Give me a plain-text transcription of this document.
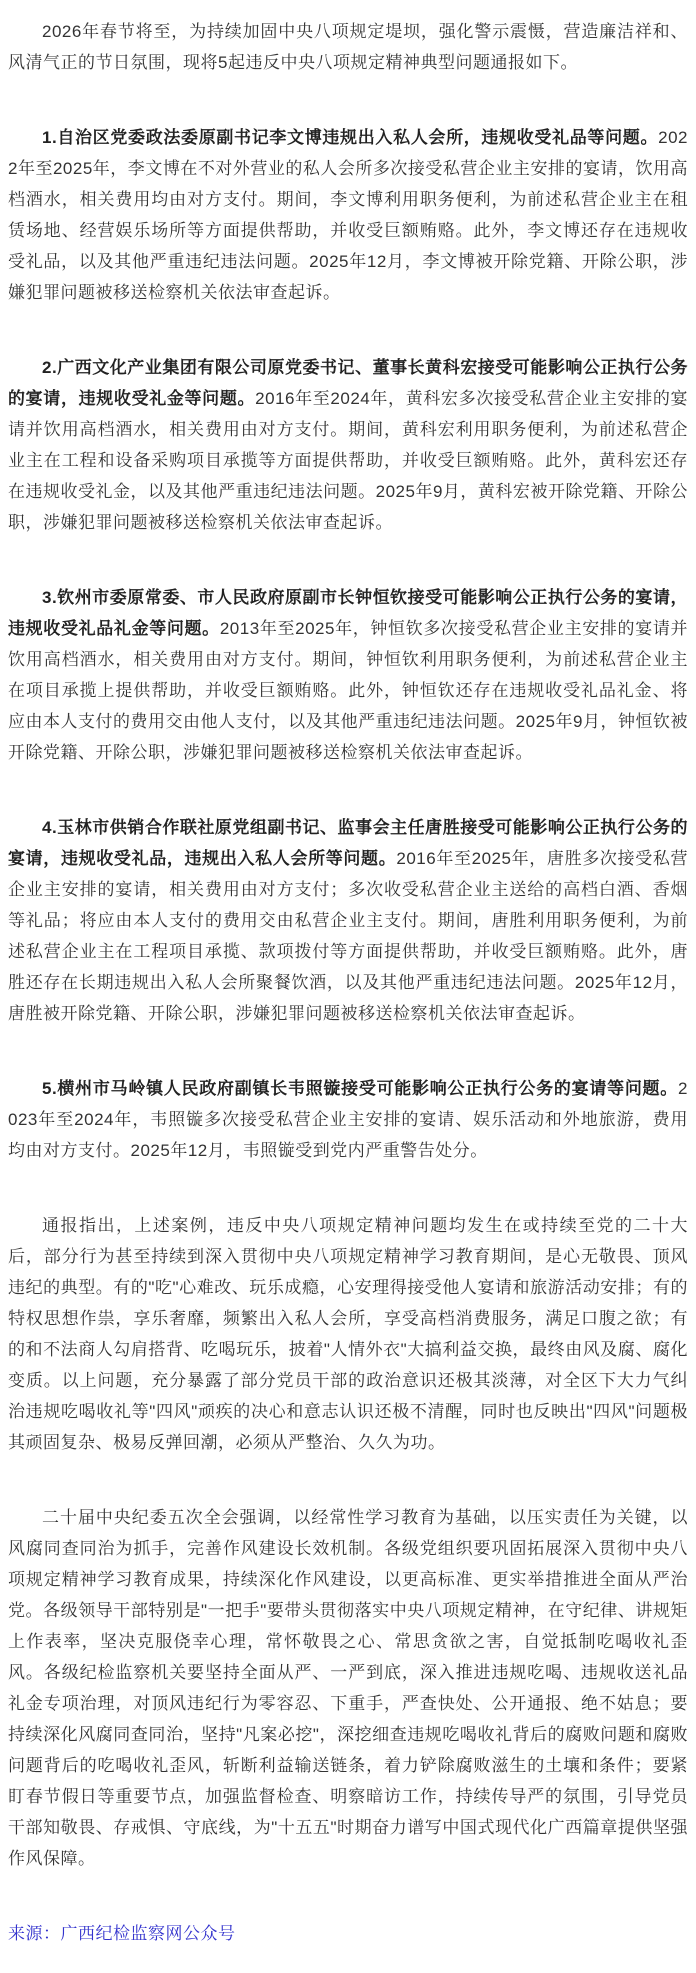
2026年春节将至，为持续加固中央八项规定堤坝，强化警示震慑，营造廉洁祥和、风清气正的节日氛围，现将5起违反中央八项规定精神典型问题通报如下。

1.自治区党委政法委原副书记李文博违规出入私人会所，违规收受礼品等问题。2022年至2025年，李文博在不对外营业的私人会所多次接受私营企业主安排的宴请，饮用高档酒水，相关费用均由对方支付。期间，李文博利用职务便利，为前述私营企业主在租赁场地、经营娱乐场所等方面提供帮助，并收受巨额贿赂。此外，李文博还存在违规收受礼品，以及其他严重违纪违法问题。2025年12月，李文博被开除党籍、开除公职，涉嫌犯罪问题被移送检察机关依法审查起诉。

2.广西文化产业集团有限公司原党委书记、董事长黄科宏接受可能影响公正执行公务的宴请，违规收受礼金等问题。2016年至2024年，黄科宏多次接受私营企业主安排的宴请并饮用高档酒水，相关费用由对方支付。期间，黄科宏利用职务便利，为前述私营企业主在工程和设备采购项目承揽等方面提供帮助，并收受巨额贿赂。此外，黄科宏还存在违规收受礼金，以及其他严重违纪违法问题。2025年9月，黄科宏被开除党籍、开除公职，涉嫌犯罪问题被移送检察机关依法审查起诉。

3.钦州市委原常委、市人民政府原副市长钟恒钦接受可能影响公正执行公务的宴请，违规收受礼品礼金等问题。2013年至2025年，钟恒钦多次接受私营企业主安排的宴请并饮用高档酒水，相关费用由对方支付。期间，钟恒钦利用职务便利，为前述私营企业主在项目承揽上提供帮助，并收受巨额贿赂。此外，钟恒钦还存在违规收受礼品礼金、将应由本人支付的费用交由他人支付，以及其他严重违纪违法问题。2025年9月，钟恒钦被开除党籍、开除公职，涉嫌犯罪问题被移送检察机关依法审查起诉。

4.玉林市供销合作联社原党组副书记、监事会主任唐胜接受可能影响公正执行公务的宴请，违规收受礼品，违规出入私人会所等问题。2016年至2025年，唐胜多次接受私营企业主安排的宴请，相关费用由对方支付；多次收受私营企业主送给的高档白酒、香烟等礼品；将应由本人支付的费用交由私营企业主支付。期间，唐胜利用职务便利，为前述私营企业主在工程项目承揽、款项拨付等方面提供帮助，并收受巨额贿赂。此外，唐胜还存在长期违规出入私人会所聚餐饮酒，以及其他严重违纪违法问题。2025年12月，唐胜被开除党籍、开除公职，涉嫌犯罪问题被移送检察机关依法审查起诉。

5.横州市马岭镇人民政府副镇长韦照镟接受可能影响公正执行公务的宴请等问题。2023年至2024年，韦照镟多次接受私营企业主安排的宴请、娱乐活动和外地旅游，费用均由对方支付。2025年12月，韦照镟受到党内严重警告处分。

通报指出，上述案例，违反中央八项规定精神问题均发生在或持续至党的二十大后，部分行为甚至持续到深入贯彻中央八项规定精神学习教育期间，是心无敬畏、顶风违纪的典型。有的"吃"心难改、玩乐成瘾，心安理得接受他人宴请和旅游活动安排；有的特权思想作祟，享乐奢靡，频繁出入私人会所，享受高档消费服务，满足口腹之欲；有的和不法商人勾肩搭背、吃喝玩乐，披着"人情外衣"大搞利益交换，最终由风及腐、腐化变质。以上问题，充分暴露了部分党员干部的政治意识还极其淡薄，对全区下大力气纠治违规吃喝收礼等"四风"顽疾的决心和意志认识还极不清醒，同时也反映出"四风"问题极其顽固复杂、极易反弹回潮，必须从严整治、久久为功。

二十届中央纪委五次全会强调，以经常性学习教育为基础，以压实责任为关键，以风腐同查同治为抓手，完善作风建设长效机制。各级党组织要巩固拓展深入贯彻中央八项规定精神学习教育成果，持续深化作风建设，以更高标准、更实举措推进全面从严治党。各级领导干部特别是"一把手"要带头贯彻落实中央八项规定精神，在守纪律、讲规矩上作表率，坚决克服侥幸心理，常怀敬畏之心、常思贪欲之害，自觉抵制吃喝收礼歪风。各级纪检监察机关要坚持全面从严、一严到底，深入推进违规吃喝、违规收送礼品礼金专项治理，对顶风违纪行为零容忍、下重手，严查快处、公开通报、绝不姑息；要持续深化风腐同查同治，坚持"凡案必挖"，深挖细查违规吃喝收礼背后的腐败问题和腐败问题背后的吃喝收礼歪风，斩断利益输送链条，着力铲除腐败滋生的土壤和条件；要紧盯春节假日等重要节点，加强监督检查、明察暗访工作，持续传导严的氛围，引导党员干部知敬畏、存戒惧、守底线，为"十五五"时期奋力谱写中国式现代化广西篇章提供坚强作风保障。

来源：广西纪检监察网公众号
